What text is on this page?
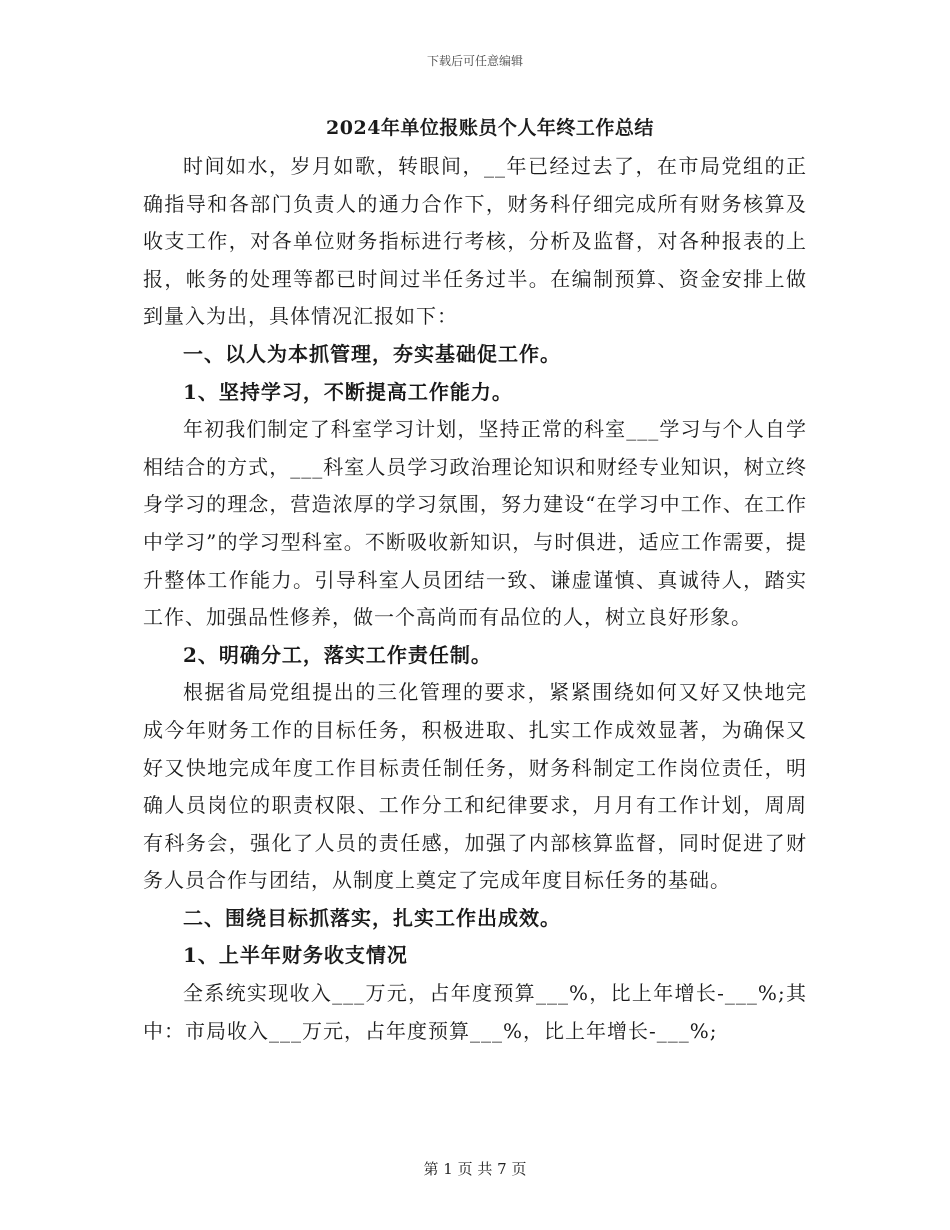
下载后可任意编辑
2024年单位报账员个人年终工作总结

时间如水，岁月如歌，转眼间，__年已经过去了，在市局党组的正确指导和各部门负责人的通力合作下，财务科仔细完成所有财务核算及收支工作，对各单位财务指标进行考核，分析及监督，对各种报表的上报，帐务的处理等都已时间过半任务过半。在编制预算、资金安排上做到量入为出，具体情况汇报如下：

一、以人为本抓管理，夯实基础促工作。

1、坚持学习，不断提高工作能力。

年初我们制定了科室学习计划，坚持正常的科室___学习与个人自学相结合的方式，___科室人员学习政治理论知识和财经专业知识，树立终身学习的理念，营造浓厚的学习氛围，努力建设“在学习中工作、在工作中学习”的学习型科室。不断吸收新知识，与时俱进，适应工作需要，提升整体工作能力。引导科室人员团结一致、谦虚谨慎、真诚待人，踏实工作、加强品性修养，做一个高尚而有品位的人，树立良好形象。

2、明确分工，落实工作责任制。

根据省局党组提出的三化管理的要求，紧紧围绕如何又好又快地完成今年财务工作的目标任务，积极进取、扎实工作成效显著，为确保又好又快地完成年度工作目标责任制任务，财务科制定工作岗位责任，明确人员岗位的职责权限、工作分工和纪律要求，月月有工作计划，周周有科务会，强化了人员的责任感，加强了内部核算监督，同时促进了财务人员合作与团结，从制度上奠定了完成年度目标任务的基础。

二、围绕目标抓落实，扎实工作出成效。

1、上半年财务收支情况

全系统实现收入___万元，占年度预算___%，比上年增长-___%;其中：市局收入___万元，占年度预算___%，比上年增长-___%;

第 1 页 共 7 页
